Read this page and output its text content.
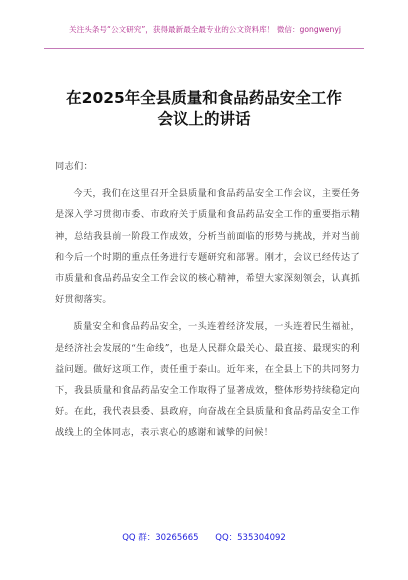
关注头条号“公文研究”，获得最新最全最专业的公文资料库！ 微信：gongwenyj
在2025年全县质量和食品药品安全工作
会议上的讲话

同志们：

今天，我们在这里召开全县质量和食品药品安全工作会议，主要任务是深入学习贯彻市委、市政府关于质量和食品药品安全工作的重要指示精神，总结我县前一阶段工作成效，分析当前面临的形势与挑战，并对当前和今后一个时期的重点任务进行专题研究和部署。刚才，会议已经传达了市质量和食品药品安全工作会议的核心精神，希望大家深刻领会，认真抓好贯彻落实。

质量安全和食品药品安全，一头连着经济发展，一头连着民生福祉，是经济社会发展的“生命线”，也是人民群众最关心、最直接、最现实的利益问题。做好这项工作，责任重于泰山。近年来，在全县上下的共同努力下，我县质量和食品药品安全工作取得了显著成效，整体形势持续稳定向好。在此，我代表县委、县政府，向奋战在全县质量和食品药品安全工作战线上的全体同志，表示衷心的感谢和诚挚的问候！

QQ 群：30265665 QQ：535304092
